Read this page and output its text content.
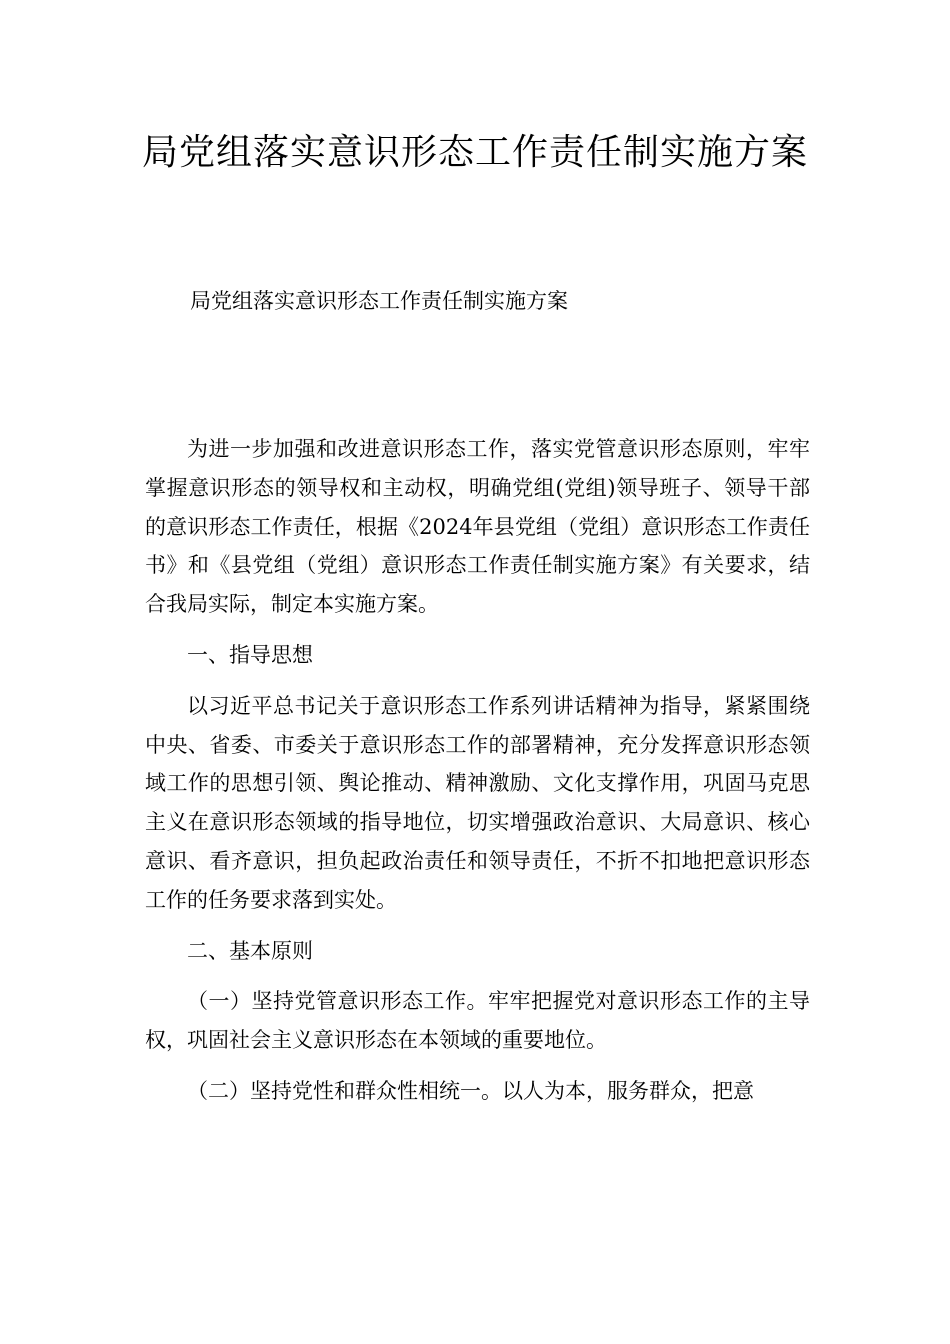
局党组落实意识形态工作责任制实施方案

局党组落实意识形态工作责任制实施方案

为进一步加强和改进意识形态工作，落实党管意识形态原则，牢牢掌握意识形态的领导权和主动权，明确党组(党组)领导班子、领导干部的意识形态工作责任，根据《2024年县党组（党组）意识形态工作责任书》和《县党组（党组）意识形态工作责任制实施方案》有关要求，结合我局实际，制定本实施方案。

一、指导思想

以习近平总书记关于意识形态工作系列讲话精神为指导，紧紧围绕中央、省委、市委关于意识形态工作的部署精神，充分发挥意识形态领域工作的思想引领、舆论推动、精神激励、文化支撑作用，巩固马克思主义在意识形态领域的指导地位，切实增强政治意识、大局意识、核心意识、看齐意识，担负起政治责任和领导责任，不折不扣地把意识形态工作的任务要求落到实处。

二、基本原则

（一）坚持党管意识形态工作。牢牢把握党对意识形态工作的主导权，巩固社会主义意识形态在本领域的重要地位。

（二）坚持党性和群众性相统一。以人为本，服务群众，把意
